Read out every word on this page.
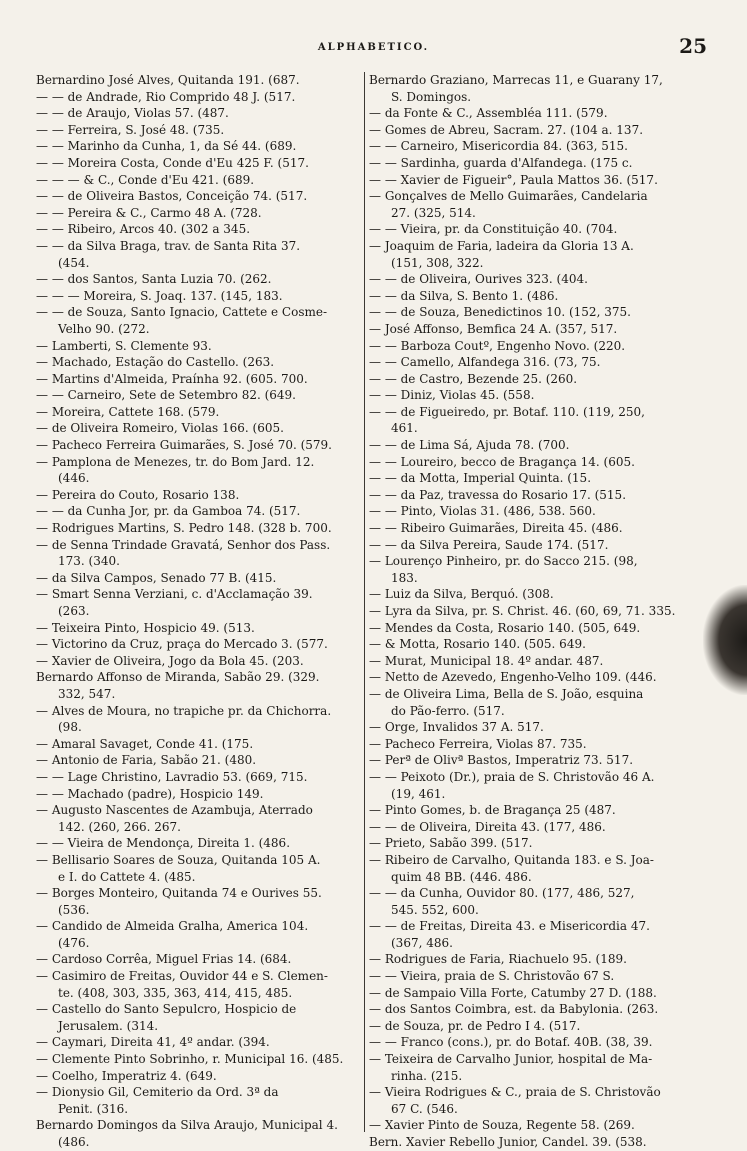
ALPHABETICO.	25
Bernardino José Alves, Quitanda 191. (687.
— — de Andrade, Rio Comprido 48 J. (517.
— — de Araujo, Violas 57. (487.
— — Ferreira, S. José 48. (735.
— — Marinho da Cunha, 1, da Sé 44. (689.
— — Moreira Costa, Conde d'Eu 425 F. (517.
— — — & C., Conde d'Eu 421. (689.
— — de Oliveira Bastos, Conceição 74. (517.
— — Pereira & C., Carmo 48 A. (728.
— — Ribeiro, Arcos 40. (302 a 345.
— — da Silva Braga, trav. de Santa Rita 37.
(454.
— — dos Santos, Santa Luzia 70. (262.
— — — Moreira, S. Joaq. 137. (145, 183.
— — de Souza, Santo Ignacio, Cattete e Cosme-
Velho 90. (272.
— Lamberti, S. Clemente 93.
— Machado, Estação do Castello. (263.
— Martins d'Almeida, Praínha 92. (605. 700.
— — Carneiro, Sete de Setembro 82. (649.
— Moreira, Cattete 168. (579.
— de Oliveira Romeiro, Violas 166. (605.
— Pacheco Ferreira Guimarães, S. José 70. (579.
— Pamplona de Menezes, tr. do Bom Jard. 12.
(446.
— Pereira do Couto, Rosario 138.
— — da Cunha Jor, pr. da Gamboa 74. (517.
— Rodrigues Martins, S. Pedro 148. (328 b. 700.
— de Senna Trindade Gravatá, Senhor dos Pass.
173. (340.
— da Silva Campos, Senado 77 B. (415.
— Smart Senna Verziani, c. d'Acclamação 39.
(263.
— Teixeira Pinto, Hospicio 49. (513.
— Victorino da Cruz, praça do Mercado 3. (577.
— Xavier de Oliveira, Jogo da Bola 45. (203.
Bernardo Affonso de Miranda, Sabão 29. (329.
332, 547.
— Alves de Moura, no trapiche pr. da Chichorra.
(98.
— Amaral Savaget, Conde 41. (175.
— Antonio de Faria, Sabão 21. (480.
— — Lage Christino, Lavradio 53. (669, 715.
— — Machado (padre), Hospicio 149.
— Augusto Nascentes de Azambuja, Aterrado
142. (260, 266. 267.
— — Vieira de Mendonça, Direita 1. (486.
— Bellisario Soares de Souza, Quitanda 105 A.
e I. do Cattete 4. (485.
— Borges Monteiro, Quitanda 74 e Ourives 55.
(536.
— Candido de Almeida Gralha, America 104.
(476.
— Cardoso Corrêa, Miguel Frias 14. (684.
— Casimiro de Freitas, Ouvidor 44 e S. Clemen-
te. (408, 303, 335, 363, 414, 415, 485.
— Castello do Santo Sepulcro, Hospicio de
Jerusalem. (314.
— Caymari, Direita 41, 4º andar. (394.
— Clemente Pinto Sobrinho, r. Municipal 16. (485.
— Coelho, Imperatriz 4. (649.
— Dionysio Gil, Cemiterio da Ord. 3ª da
Penit. (316.
Bernardo Domingos da Silva Araujo, Municipal 4.
(486.
Bernardo Graziano, Marrecas 11, e Guarany 17,
S. Domingos.
— da Fonte & C., Assembléa 111. (579.
— Gomes de Abreu, Sacram. 27. (104 a. 137.
— — Carneiro, Misericordia 84. (363, 515.
— — Sardinha, guarda d'Alfandega. (175 c.
— — Xavier de Figueir°, Paula Mattos 36. (517.
— Gonçalves de Mello Guimarães, Candelaria
27. (325, 514.
— — Vieira, pr. da Constituição 40. (704.
— Joaquim de Faria, ladeira da Gloria 13 A.
(151, 308, 322.
— — de Oliveira, Ourives 323. (404.
— — da Silva, S. Bento 1. (486.
— — de Souza, Benedictinos 10. (152, 375.
— José Affonso, Bemfica 24 A. (357, 517.
— — Barboza Coutº, Engenho Novo. (220.
— — Camello, Alfandega 316. (73, 75.
— — de Castro, Bezende 25. (260.
— — Diniz, Violas 45. (558.
— — de Figueiredo, pr. Botaf. 110. (119, 250,
461.
— — de Lima Sá, Ajuda 78. (700.
— — Loureiro, becco de Bragança 14. (605.
— — da Motta, Imperial Quinta. (15.
— — da Paz, travessa do Rosario 17. (515.
— — Pinto, Violas 31. (486, 538. 560.
— — Ribeiro Guimarães, Direita 45. (486.
— — da Silva Pereira, Saude 174. (517.
— Lourenço Pinheiro, pr. do Sacco 215. (98,
183.
— Luiz da Silva, Berquó. (308.
— Lyra da Silva, pr. S. Christ. 46. (60, 69, 71. 335.
— Mendes da Costa, Rosario 140. (505, 649.
— & Motta, Rosario 140. (505. 649.
— Murat, Municipal 18. 4º andar. 487.
— Netto de Azevedo, Engenho-Velho 109. (446.
— de Oliveira Lima, Bella de S. João, esquina
do Pão-ferro. (517.
— Orge, Invalidos 37 A. 517.
— Pacheco Ferreira, Violas 87. 735.
— Perª de Olivª Bastos, Imperatriz 73. 517.
— — Peixoto (Dr.), praia de S. Christovão 46 A.
(19, 461.
— Pinto Gomes, b. de Bragança 25 (487.
— — de Oliveira, Direita 43. (177, 486.
— Prieto, Sabão 399. (517.
— Ribeiro de Carvalho, Quitanda 183. e S. Joa-
quim 48 BB. (446. 486.
— — da Cunha, Ouvidor 80. (177, 486, 527,
545. 552, 600.
— — de Freitas, Direita 43. e Misericordia 47.
(367, 486.
— Rodrigues de Faria, Riachuelo 95. (189.
— — Vieira, praia de S. Christovão 67 S.
— de Sampaio Villa Forte, Catumby 27 D. (188.
— dos Santos Coimbra, est. da Babylonia. (263.
— de Souza, pr. de Pedro I 4. (517.
— — Franco (cons.), pr. do Botaf. 40B. (38, 39.
— Teixeira de Carvalho Junior, hospital de Ma-
rinha. (215.
— Vieira Rodrigues & C., praia de S. Christovão
67 C. (546.
— Xavier Pinto de Souza, Regente 58. (269.
Bern. Xavier Rebello Junior, Candel. 39. (538.
